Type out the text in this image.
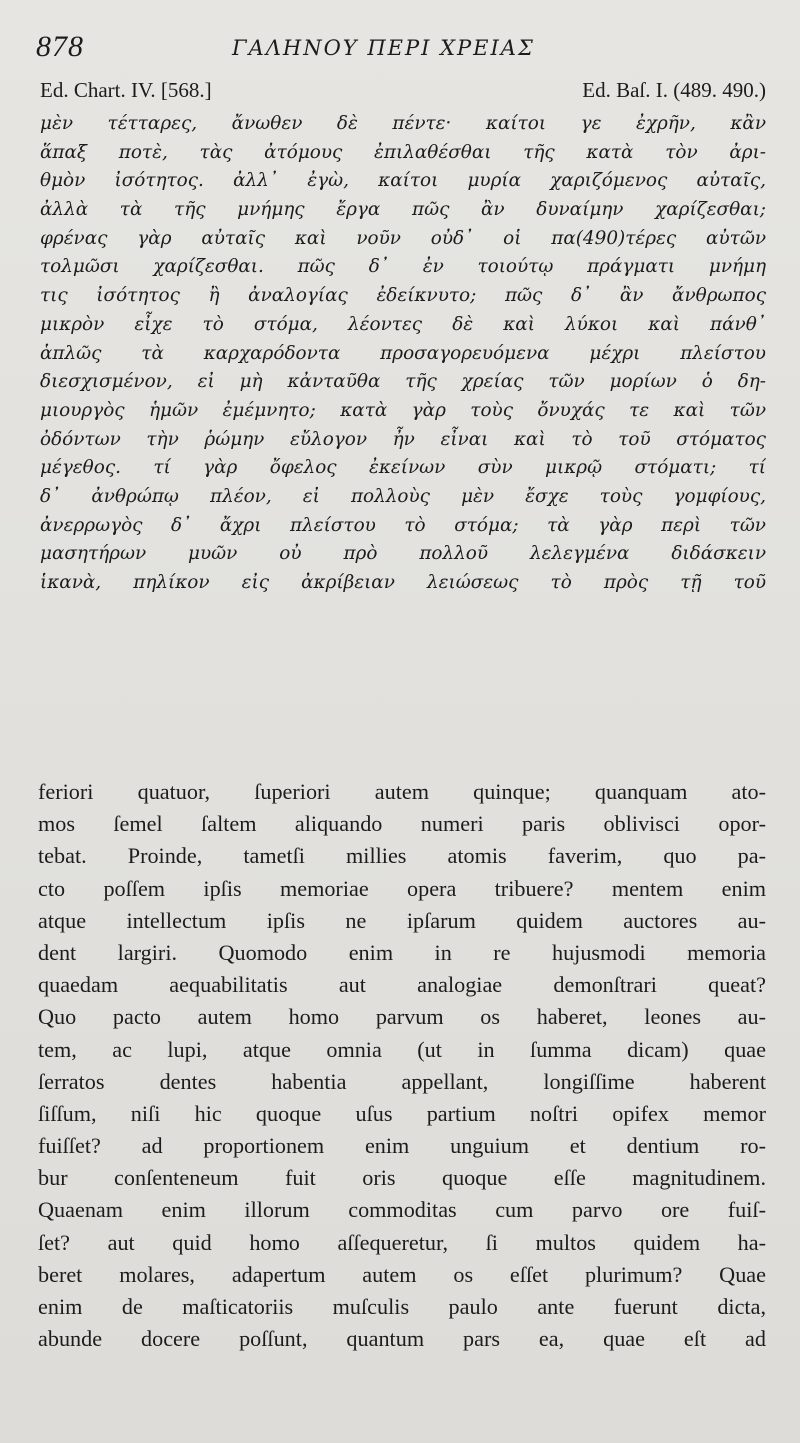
878	ΓΑΛΗΝΟΥ ΠΕΡΙ ΧΡΕΙΑΣ
Ed. Chart. IV. [568.]	Ed. Baſ. I. (489. 490.)
μὲν τέτταρες, ἄνωθεν δὲ πέντε· καίτοι γε ἐχρῆν, κἂν
ἅπαξ ποτὲ, τὰς ἀτόμους ἐπιλαθέσθαι τῆς κατὰ τὸν ἀρι-
θμὸν ἰσότητος. ἀλλ᾽ ἐγὼ, καίτοι μυρία χαριζόμενος αὐταῖς,
ἀλλὰ τὰ τῆς μνήμης ἔργα πῶς ἂν δυναίμην χαρίζεσθαι;
φρένας γὰρ αὐταῖς καὶ νοῦν οὐδ᾽ οἱ πα(490)τέρες αὐτῶν
τολμῶσι χαρίζεσθαι. πῶς δ᾽ ἐν τοιούτῳ πράγματι μνήμη
τις ἰσότητος ἢ ἀναλογίας ἐδείκνυτο; πῶς δ᾽ ἂν ἄνθρωπος
μικρὸν εἶχε τὸ στόμα, λέοντες δὲ καὶ λύκοι καὶ πάνθ᾽
ἁπλῶς τὰ καρχαρόδοντα προσαγορευόμενα μέχρι πλείστου
διεσχισμένον, εἰ μὴ κἀνταῦθα τῆς χρείας τῶν μορίων ὁ δη-
μιουργὸς ἡμῶν ἐμέμνητο; κατὰ γὰρ τοὺς ὄνυχάς τε καὶ τῶν
ὀδόντων τὴν ῥώμην εὔλογον ἦν εἶναι καὶ τὸ τοῦ στόματος
μέγεθος. τί γὰρ ὄφελος ἐκείνων σὺν μικρῷ στόματι; τί
δ᾽ ἀνθρώπῳ πλέον, εἰ πολλοὺς μὲν ἔσχε τοὺς γομφίους,
ἀνερρωγὸς δ᾽ ἄχρι πλείστου τὸ στόμα; τὰ γὰρ περὶ τῶν
μασητήρων μυῶν οὐ πρὸ πολλοῦ λελεγμένα διδάσκειν
ἱκανὰ, πηλίκον εἰς ἀκρίβειαν λειώσεως τὸ πρὸς τῇ τοῦ
feriori quatuor, ſuperiori autem quinque; quanquam ato-
mos ſemel ſaltem aliquando numeri paris oblivisci opor-
tebat. Proinde, tametſi millies atomis faverim, quo pa-
cto poſſem ipſis memoriae opera tribuere? mentem enim
atque intellectum ipſis ne ipſarum quidem auctores au-
dent largiri. Quomodo enim in re hujusmodi memoria
quaedam aequabilitatis aut analogiae demonſtrari queat?
Quo pacto autem homo parvum os haberet, leones au-
tem, ac lupi, atque omnia (ut in ſumma dicam) quae
ſerratos dentes habentia appellant, longiſſime haberent
ſiſſum, niſi hic quoque uſus partium noſtri opifex memor
fuiſſet? ad proportionem enim unguium et dentium ro-
bur conſenteneum fuit oris quoque eſſe magnitudinem.
Quaenam enim illorum commoditas cum parvo ore fuiſ-
ſet? aut quid homo aſſequeretur, ſi multos quidem ha-
beret molares, adapertum autem os eſſet plurimum? Quae
enim de maſticatoriis muſculis paulo ante fuerunt dicta,
abunde docere poſſunt, quantum pars ea, quae eſt ad
